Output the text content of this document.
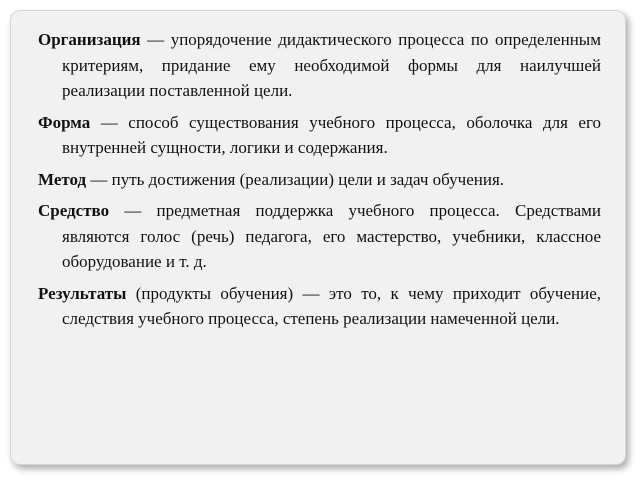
Организация — упорядочение дидактического процесса по определенным критериям, придание ему необходимой формы для наилучшей реализации поставленной цели.

Форма — способ существования учебного процесса, оболочка для его внутренней сущности, логики и содержания.

Метод — путь достижения (реализации) цели и задач обучения.

Средство — предметная поддержка учебного процесса. Средствами являются голос (речь) педагога, его мастерство, учебники, классное оборудование и т. д.

Результаты (продукты обучения) — это то, к чему приходит обучение, следствия учебного процесса, степень реализации намеченной цели.
